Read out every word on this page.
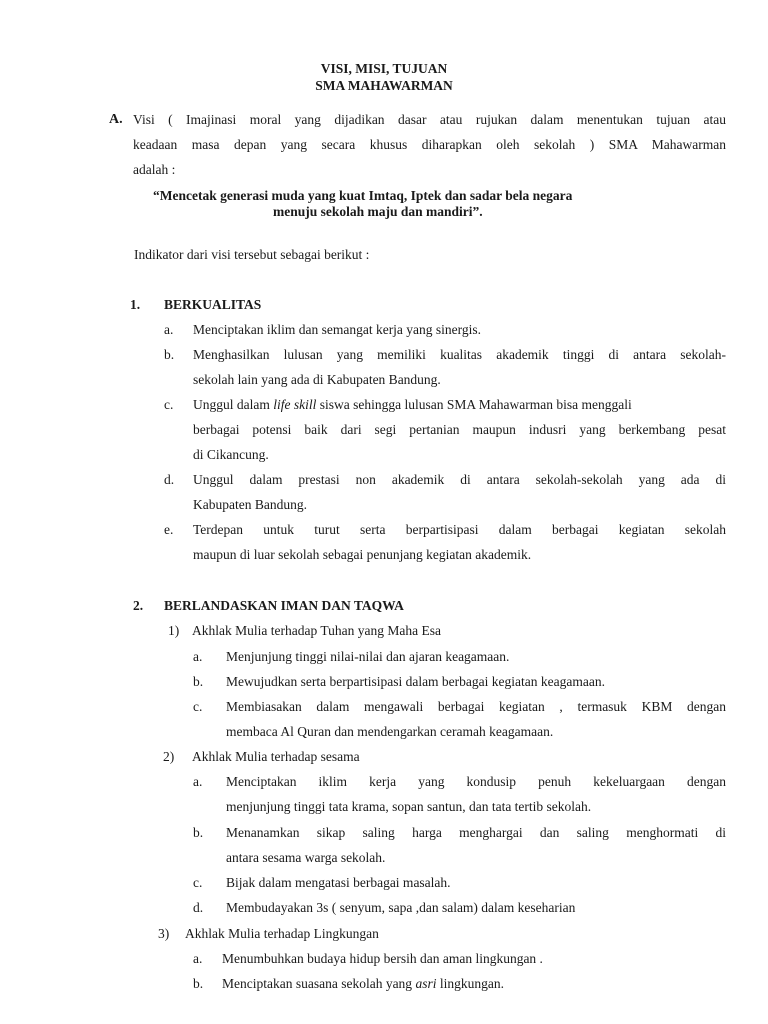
VISI, MISI, TUJUAN
SMA MAHAWARMAN
A. Visi ( Imajinasi moral yang dijadikan dasar atau rujukan dalam menentukan tujuan atau
keadaan masa depan yang secara khusus diharapkan oleh sekolah ) SMA Mahawarman
adalah :
“Mencetak generasi muda yang kuat Imtaq, Iptek dan sadar bela negara
menuju sekolah maju dan mandiri”.
Indikator dari visi tersebut sebagai berikut :
1. BERKUALITAS
a. Menciptakan iklim dan semangat kerja yang sinergis.
b. Menghasilkan lulusan yang memiliki kualitas akademik tinggi di antara sekolah-
sekolah lain yang ada di Kabupaten Bandung.
c. Unggul dalam life skill siswa sehingga lulusan SMA Mahawarman bisa menggali
berbagai potensi baik dari segi pertanian maupun indusri yang berkembang pesat
di Cikancung.
d. Unggul dalam prestasi non akademik di antara sekolah-sekolah yang ada di
Kabupaten Bandung.
e. Terdepan untuk turut serta berpartisipasi dalam berbagai kegiatan sekolah
maupun di luar sekolah sebagai penunjang kegiatan akademik.
2. BERLANDASKAN IMAN DAN TAQWA
1) Akhlak Mulia terhadap Tuhan yang Maha Esa
a. Menjunjung tinggi nilai-nilai dan ajaran keagamaan.
b. Mewujudkan serta berpartisipasi dalam berbagai kegiatan keagamaan.
c. Membiasakan dalam mengawali berbagai kegiatan , termasuk KBM dengan
membaca Al Quran dan mendengarkan ceramah keagamaan.
2) Akhlak Mulia terhadap sesama
a. Menciptakan iklim kerja yang kondusip penuh kekeluargaan dengan
menjunjung tinggi tata krama, sopan santun, dan tata tertib sekolah.
b. Menanamkan sikap saling harga menghargai dan saling menghormati di
antara sesama warga sekolah.
c. Bijak dalam mengatasi berbagai masalah.
d. Membudayakan 3s ( senyum, sapa ,dan salam) dalam keseharian
3) Akhlak Mulia terhadap Lingkungan
a. Menumbuhkan budaya hidup bersih dan aman lingkungan .
b. Menciptakan suasana sekolah yang asri lingkungan.
